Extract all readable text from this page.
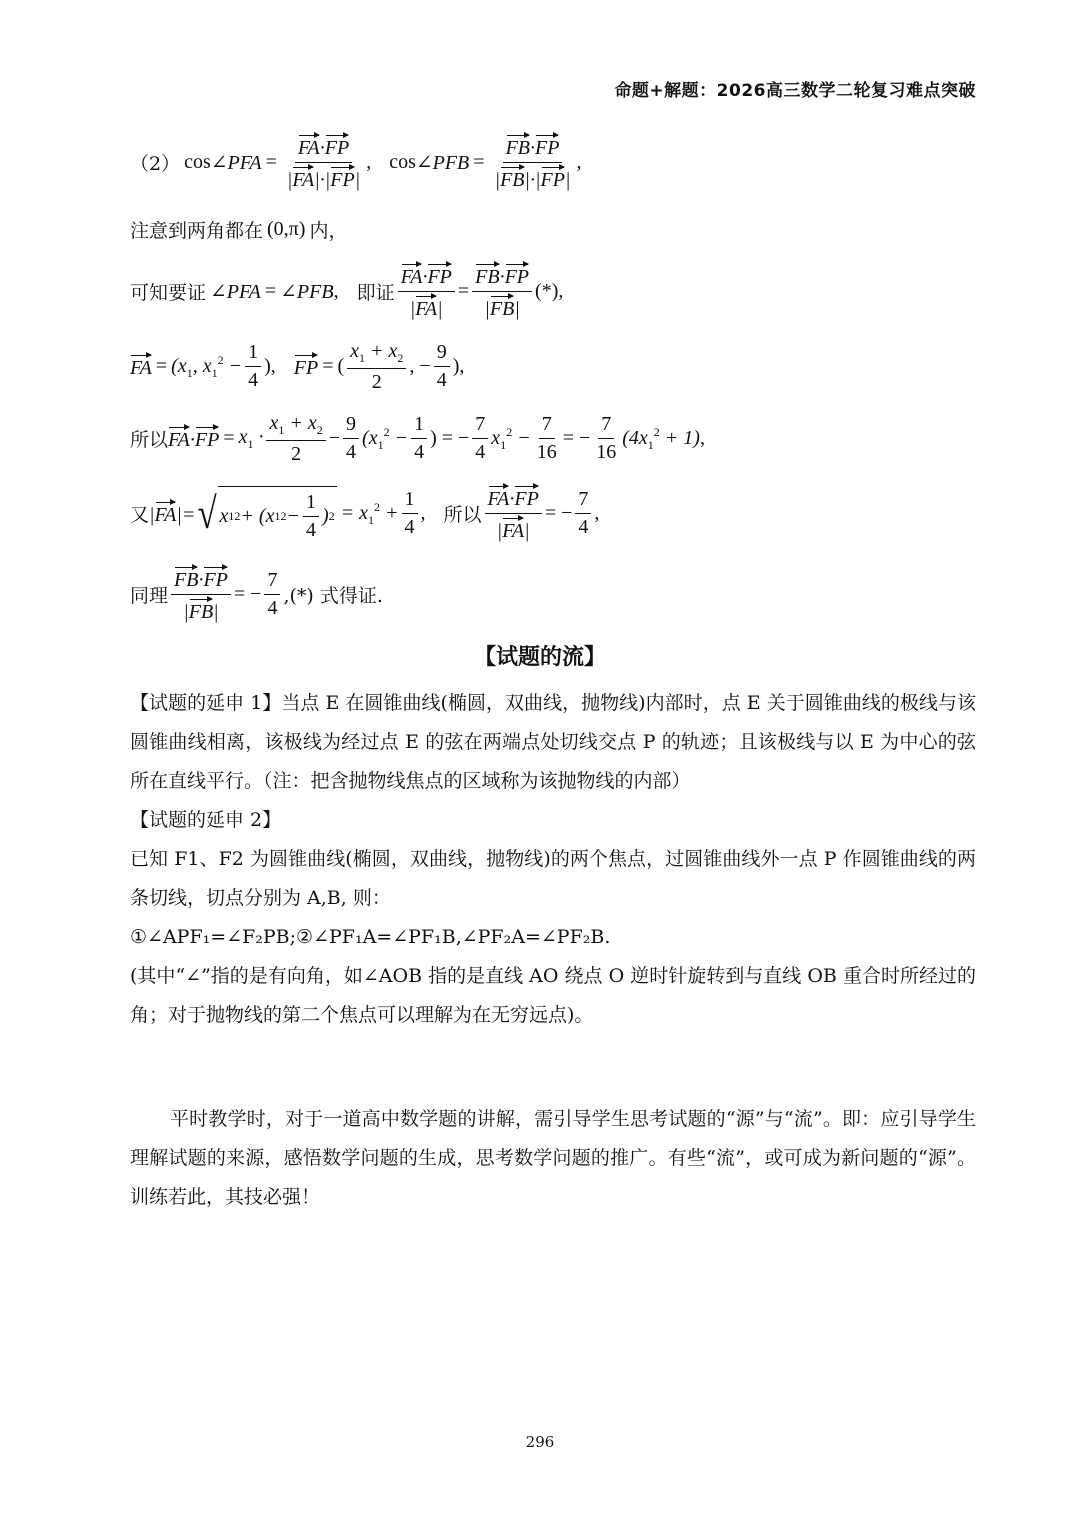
命题+解题：2026高三数学二轮复习难点突破
（2） cos ∠PFA = $\frac{FA\cdot FP}{|FA|\cdot|FP|}$ , cos ∠PFB = $\frac{FB\cdot FP}{|FB|\cdot|FP|}$ ,
注意到两角都在 (0,π) 内，
可知要证 ∠PFA = ∠PFB , 即证 $\frac{FA\cdot FP}{|FA|} = \frac{FB\cdot FP}{|FB|}$ (*) ,
FA = ($x_1$, $x_1^2 - \frac{1}{4}$ ), FP = ( $\frac{x_1 + x_2}{2}$ , − $\frac{9}{4}$ ),
所以 $FA\cdot FP = x_1 \cdot \frac{x_1 + x_2}{2} - \frac{9}{4} (x_1^2 - \frac{1}{4}$ ) = − $\frac{7}{4} x_1^2 - \frac{7}{16}$ = − $\frac{7}{16} (4x_1^2 + 1)$ ,
又 |FA|= √ x 1 2 + (x 1 $2 - \frac{1}{4}$ ) $2 = x_1^2 + \frac{1}{4}$ , 所以 $\frac{FA\cdot FP}{|FA|}$ = − $\frac{7}{4}$ ,
同理 $\frac{FB\cdot FP}{|FB|}$ = − $\frac{7}{4}$ ,(*) 式得证.
【试题的流】

【试题的延申 1】当点 E 在圆锥曲线(椭圆，双曲线，抛物线)内部时，点 E 关于圆锥曲线的极线与该圆锥曲线相离，该极线为经过点 E 的弦在两端点处切线交点 P 的轨迹；且该极线与以 E 为中心的弦所在直线平行。（注：把含抛物线焦点的区域称为该抛物线的内部）

【试题的延申 2】

已知 F1、F2 为圆锥曲线(椭圆，双曲线，抛物线)的两个焦点，过圆锥曲线外一点 P 作圆锥曲线的两条切线，切点分别为 A,B, 则：

①∠APF₁=∠F₂PB;②∠PF₁A=∠PF₁B,∠PF₂A=∠PF₂B.

(其中“∠”指的是有向角，如∠AOB 指的是直线 AO 绕点 O 逆时针旋转到与直线 OB 重合时所经过的角；对于抛物线的第二个焦点可以理解为在无穷远点)。

平时教学时，对于一道高中数学题的讲解，需引导学生思考试题的“源”与“流”。即：应引导学生理解试题的来源，感悟数学问题的生成，思考数学问题的推广。有些“流”，或可成为新问题的“源”。训练若此，其技必强！

296
